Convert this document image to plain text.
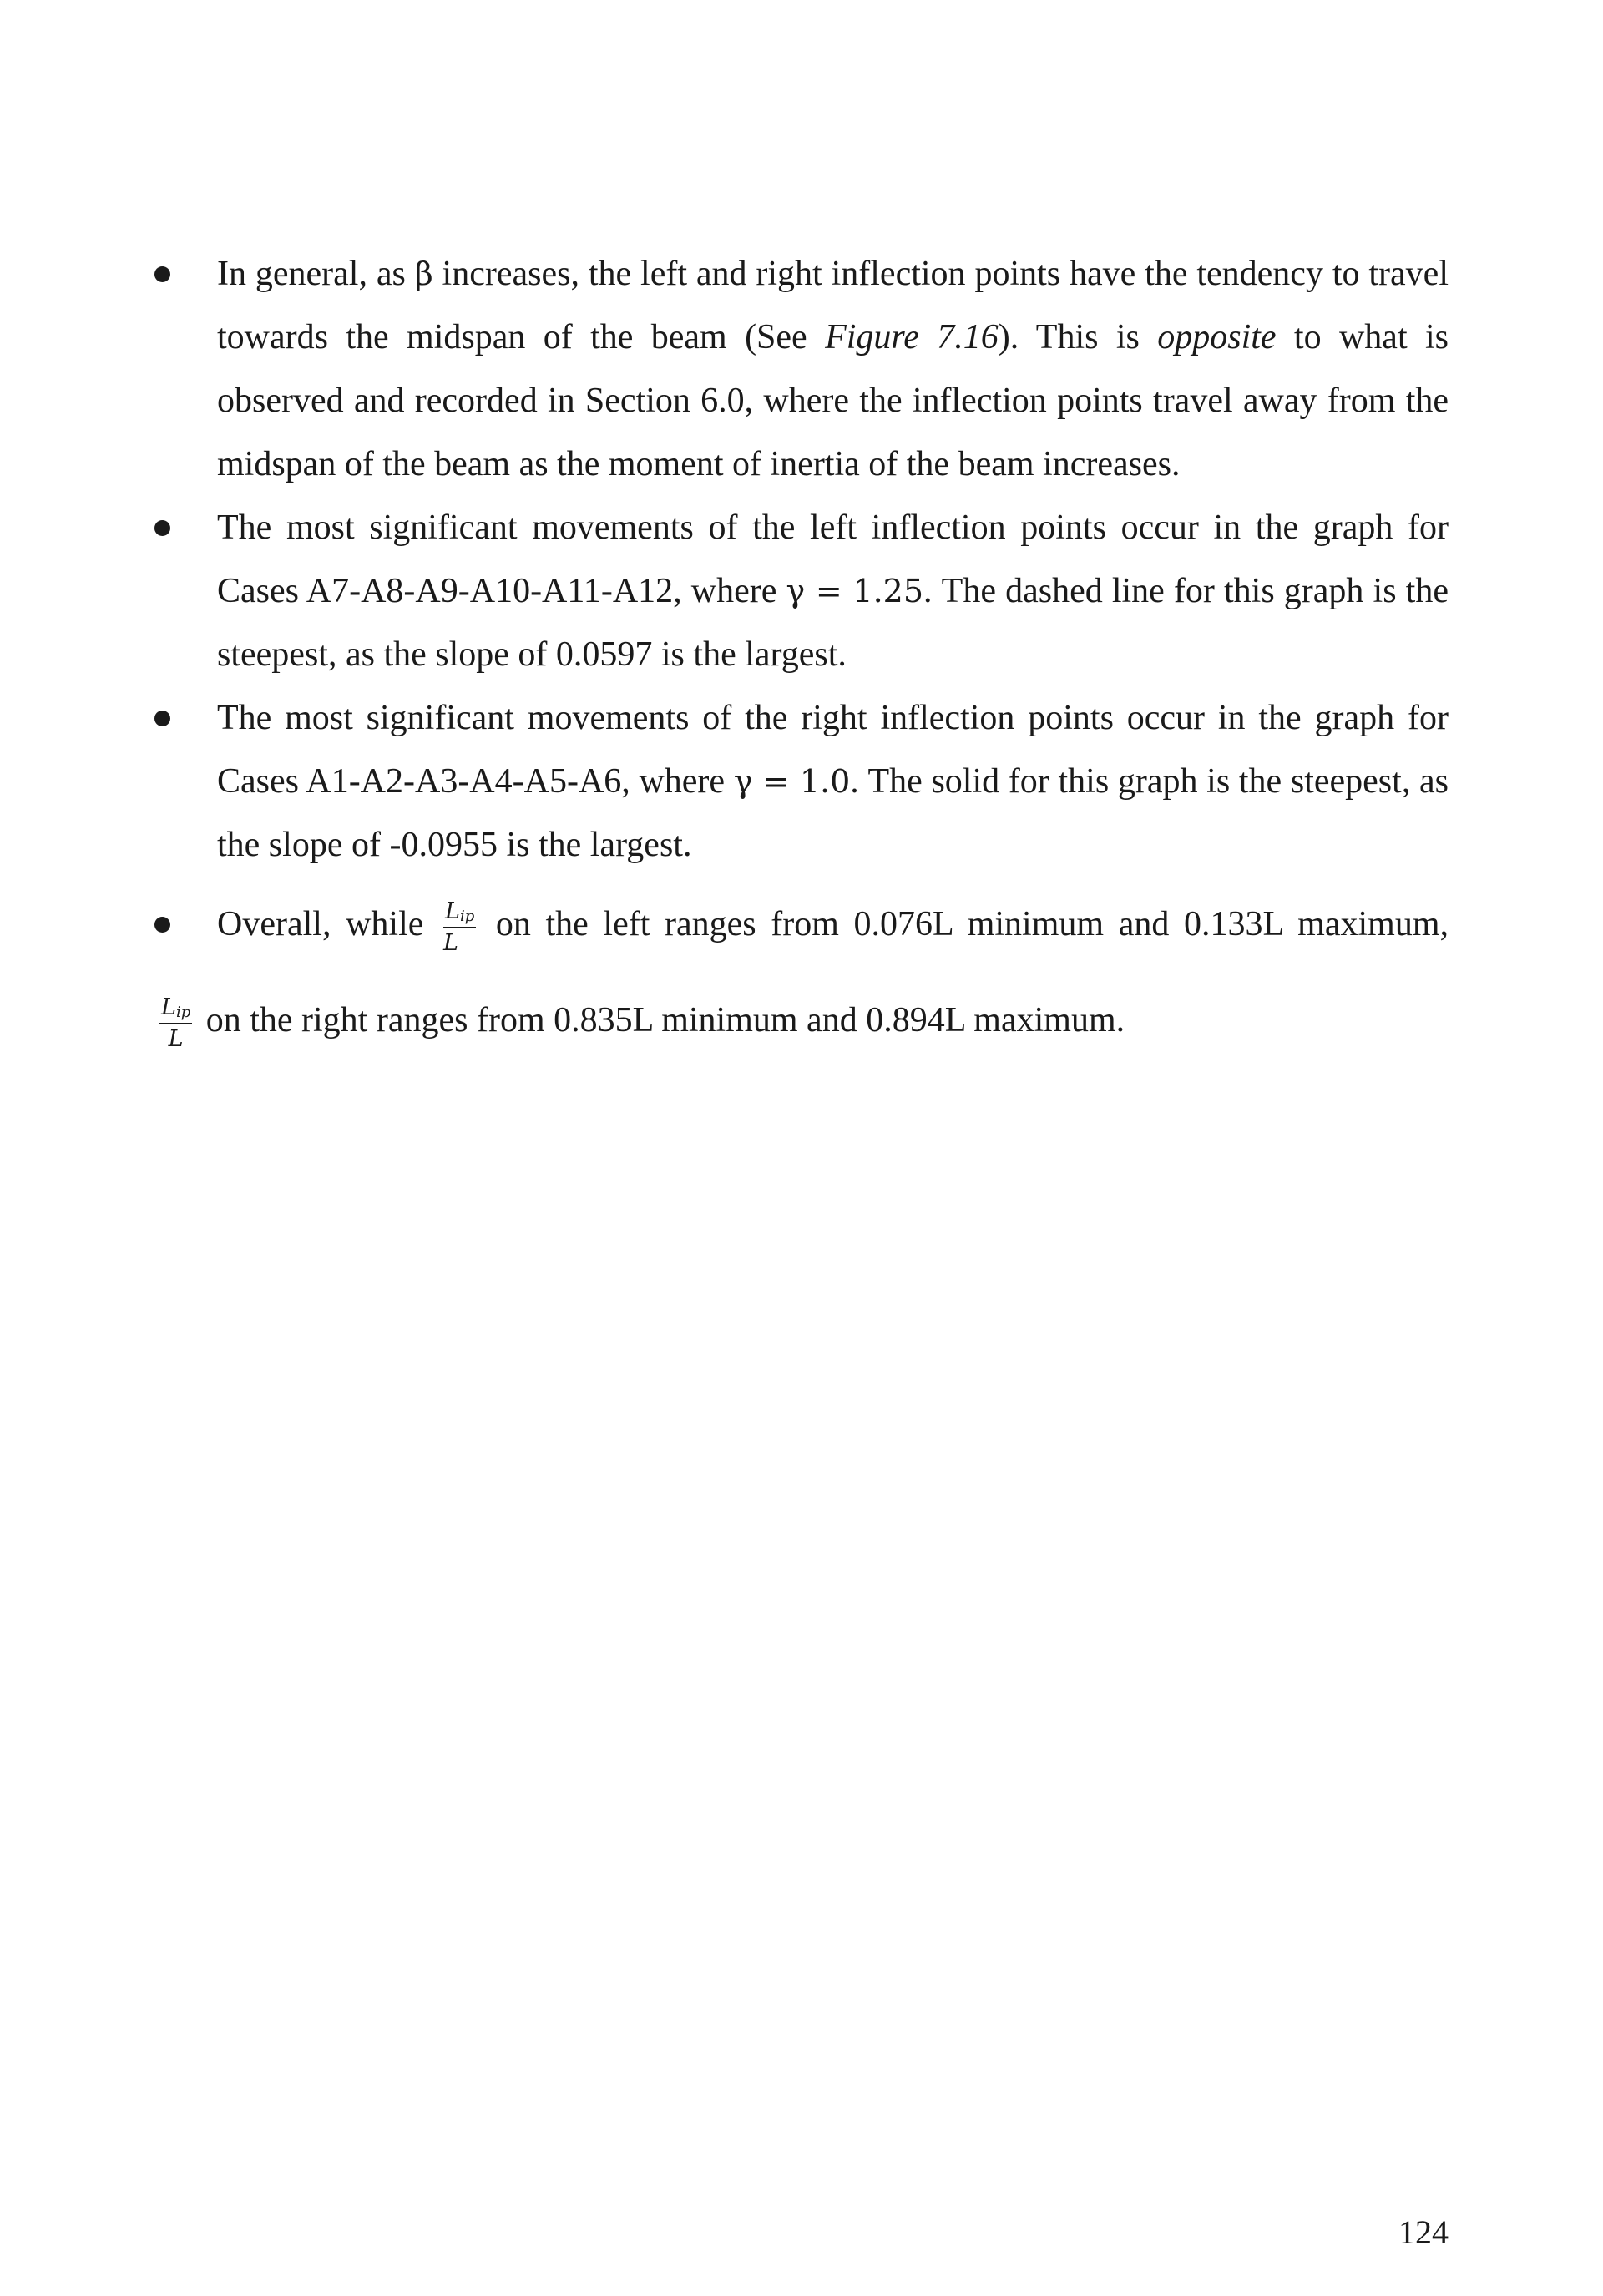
In general, as β increases, the left and right inflection points have the tendency to travel towards the midspan of the beam (See Figure 7.16). This is opposite to what is observed and recorded in Section 6.0, where the inflection points travel away from the midspan of the beam as the moment of inertia of the beam increases.
The most significant movements of the left inflection points occur in the graph for Cases A7-A8-A9-A10-A11-A12, where γ = 1.25. The dashed line for this graph is the steepest, as the slope of 0.0597 is the largest.
The most significant movements of the right inflection points occur in the graph for Cases A1-A2-A3-A4-A5-A6, where γ = 1.0. The solid for this graph is the steepest, as the slope of -0.0955 is the largest.
Overall, while $\frac{L_{ip}}{L}$ on the left ranges from 0.076L minimum and 0.133L maximum,
$\frac{L_{ip}}{L}$ on the right ranges from 0.835L minimum and 0.894L maximum.
124
